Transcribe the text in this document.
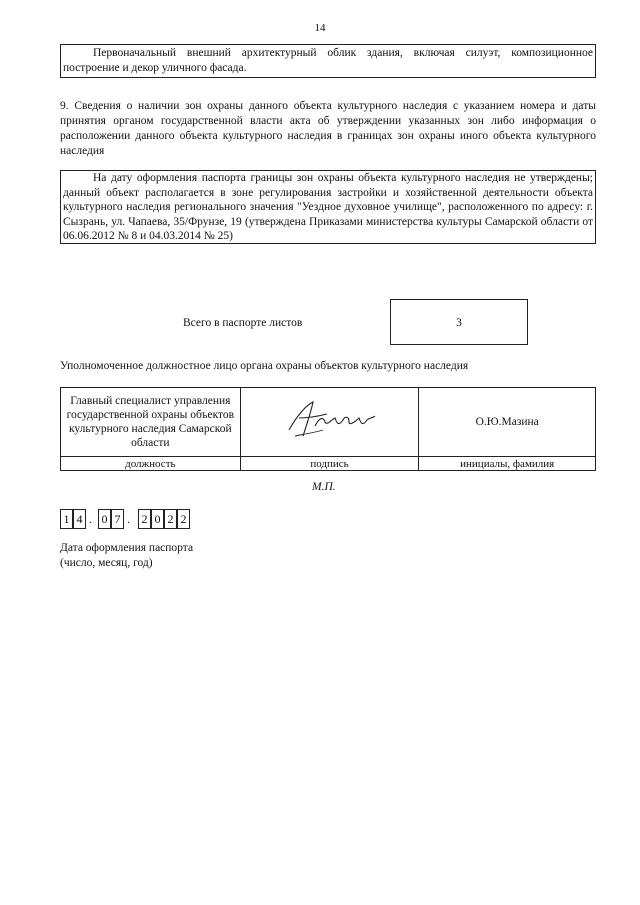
14
Первоначальный внешний архитектурный облик здания, включая силуэт, композиционное построение и декор уличного фасада.
9. Сведения о наличии зон охраны данного объекта культурного наследия с указанием номера и даты принятия органом государственной власти акта об утверждении указанных зон либо информация о расположении данного объекта культурного наследия в границах зон охраны иного объекта культурного наследия
На дату оформления паспорта границы зон охраны объекта культурного наследия не утверждены; данный объект располагается в зоне регулирования застройки и хозяйственной деятельности объекта культурного наследия регионального значения "Уездное духовное училище", расположенного по адресу: г. Сызрань, ул. Чапаева, 35/Фрунзе, 19 (утверждена Приказами министерства культуры Самарской области от 06.06.2012 № 8 и 04.03.2014 № 25)
Всего в паспорте листов	3
Уполномоченное должностное лицо органа охраны объектов культурного наследия
Главный специалист управления государственной охраны объектов культурного наследия Самарской области		О.Ю.Мазина
должность	подпись	инициалы, фамилия
М.П.
1 4 . 0 7 . 2 0 2 2
Дата оформления паспорта
(число, месяц, год)
